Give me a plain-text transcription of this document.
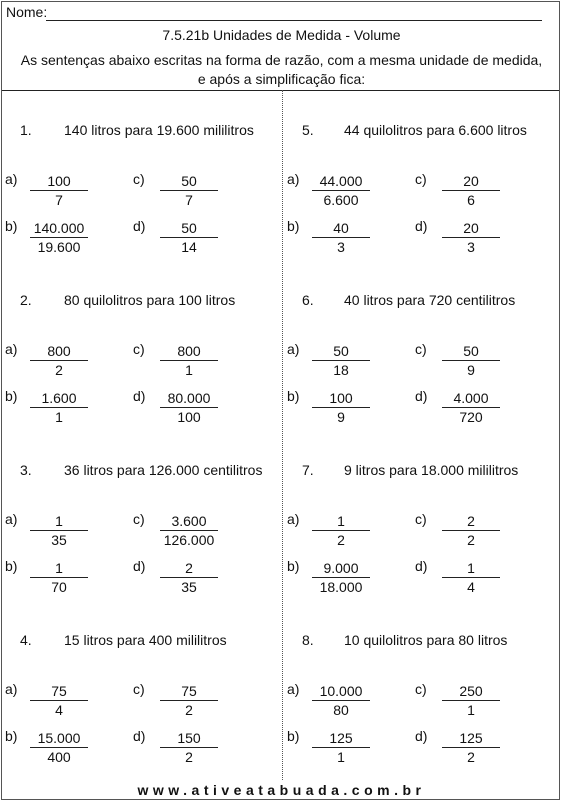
Nome:
7.5.21b Unidades de Medida - Volume
As sentenças abaixo escritas na forma de razão, com a mesma unidade de medida,
e após a simplificação fica:
1. 140 litros para 19.600 mililitros
$a) \frac{100}{7}$	$c) \frac{50}{7}$
$b) \frac{140.000}{19.600}$	$d) \frac{50}{14}$
2. 80 quilolitros para 100 litros
$a) \frac{800}{2}$	$c) \frac{800}{1}$
$b) \frac{1.600}{1}$	$d) \frac{80.000}{100}$
3. 36 litros para 126.000 centilitros
$a) \frac{1}{35}$	$c) \frac{3.600}{126.000}$
$b) \frac{1}{70}$	$d) \frac{2}{35}$
4. 15 litros para 400 mililitros
$a) \frac{75}{4}$	$c) \frac{75}{2}$
$b) \frac{15.000}{400}$	$d) \frac{150}{2}$
5. 44 quilolitros para 6.600 litros
$a) \frac{44.000}{6.600}$	$c) \frac{20}{6}$
$b) \frac{40}{3}$	$d) \frac{20}{3}$
6. 40 litros para 720 centilitros
$a) \frac{50}{18}$	$c) \frac{50}{9}$
$b) \frac{100}{9}$	$d) \frac{4.000}{720}$
7. 9 litros para 18.000 mililitros
$a) \frac{1}{2}$	$c) \frac{2}{2}$
$b) \frac{9.000}{18.000}$	$d) \frac{1}{4}$
8. 10 quilolitros para 80 litros
$a) \frac{10.000}{80}$	$c) \frac{250}{1}$
$b) \frac{125}{1}$	$d) \frac{125}{2}$
www.ativeatabuada.com.br
